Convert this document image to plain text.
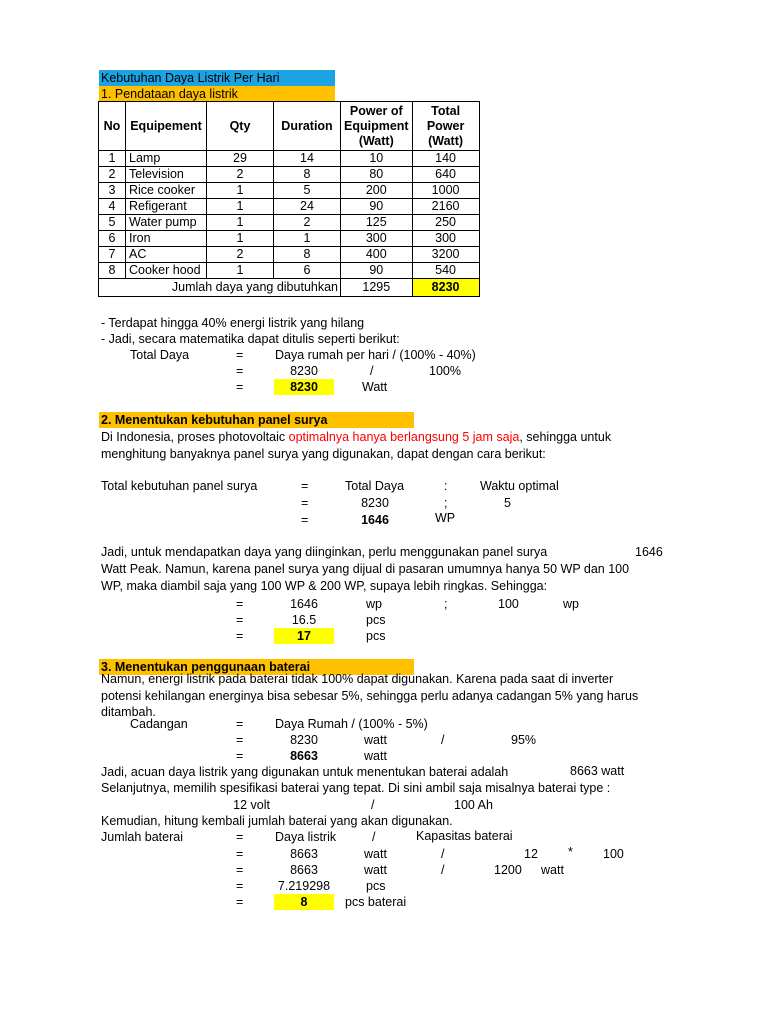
Kebutuhan Daya Listrik Per Hari
1. Pendataan daya listrik
No	Equipement	Qty	Duration	Power of Equipment (Watt)	Total Power (Watt)
1	Lamp	29	14	10	140
2	Television	2	8	80	640
3	Rice cooker	1	5	200	1000
4	Refigerant	1	24	90	2160
5	Water pump	1	2	125	250
6	Iron	1	1	300	300
7	AC	2	8	400	3200
8	Cooker hood	1	6	90	540
Jumlah daya yang dibutuhkan				1295	8230
- Terdapat hingga 40% energi listrik yang hilang
- Jadi, secara matematika dapat ditulis seperti berikut:
Total Daya	=	Daya rumah per hari / (100% - 40%)
=	8230	/	100%
=	8230	Watt
2. Menentukan kebutuhan panel surya
Di Indonesia, proses photovoltaic optimalnya hanya berlangsung 5 jam saja, sehingga untuk
menghitung banyaknya panel surya yang digunakan, dapat dengan cara berikut:
Total kebutuhan panel surya	=	Total Daya	:	Waktu optimal
=	8230	;	5
=	1646	WP
Jadi, untuk mendapatkan daya yang diinginkan, perlu menggunakan panel surya	1646
Watt Peak. Namun, karena panel surya yang dijual di pasaran umumnya hanya 50 WP dan 100
WP, maka diambil saja yang 100 WP & 200 WP, supaya lebih ringkas. Sehingga:
=	1646	wp	;	100	wp
=	16.5	pcs
=	17	pcs
3. Menentukan penggunaan baterai
Namun, energi listrik pada baterai tidak 100% dapat digunakan. Karena pada saat di inverter
potensi kehilangan energinya bisa sebesar 5%, sehingga perlu adanya cadangan 5% yang harus
ditambah.
Cadangan	=	Daya Rumah / (100% - 5%)
=	8230	watt	/	95%
=	8663	watt
Jadi, acuan daya listrik yang digunakan untuk menentukan baterai adalah	8663 watt
Selanjutnya, memilih spesifikasi baterai yang tepat. Di sini ambil saja misalnya baterai type :
12 volt	/	100 Ah
Kemudian, hitung kembali jumlah baterai yang akan digunakan.
Jumlah baterai	=	Daya listrik	/	Kapasitas baterai
=	8663	watt	/	12 * 100
=	8663	watt	/	1200 watt
=	7.219298	pcs
=	8	pcs baterai
